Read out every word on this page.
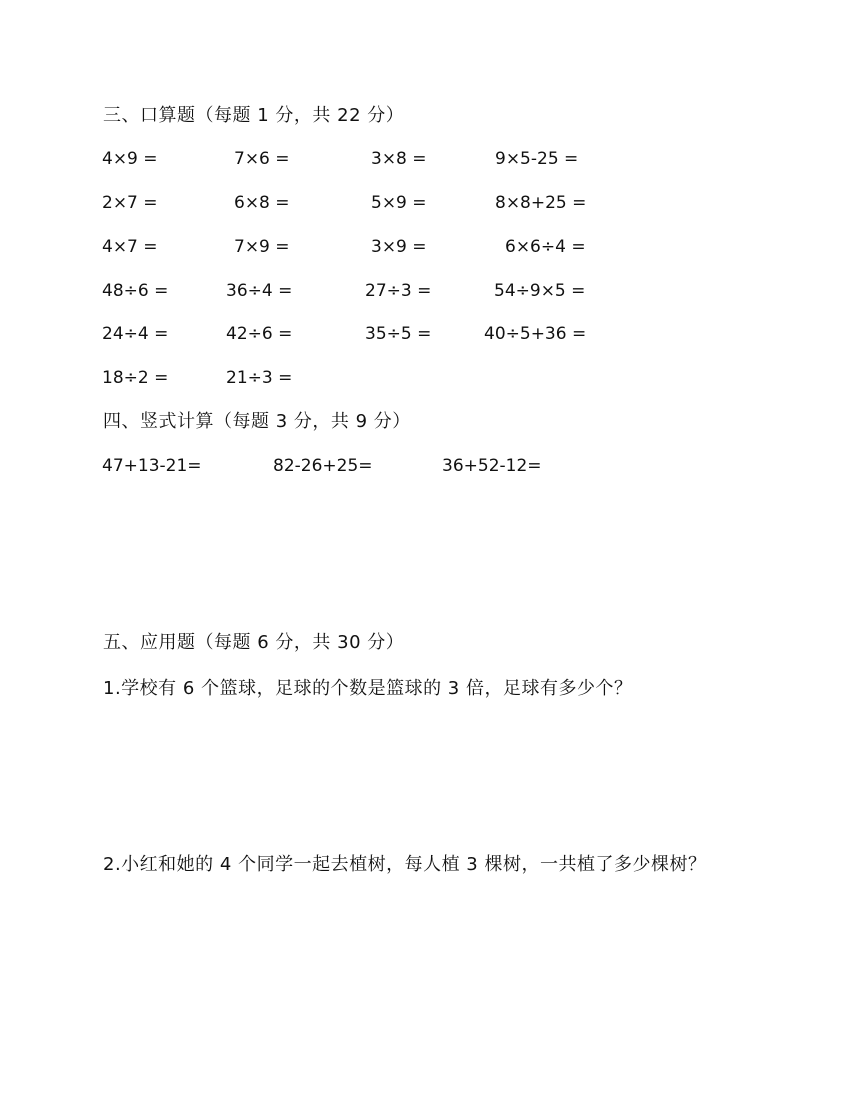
三、口算题（每题 1 分，共 22 分）
4×9 =	7×6 =	3×8 =	9×5-25 =
2×7 =	6×8 =	5×9 =	8×8+25 =
4×7 =	7×9 =	3×9 =	6×6÷4 =
48÷6 =	36÷4 =	27÷3 =	54÷9×5 =
24÷4 =	42÷6 =	35÷5 =	40÷5+36 =
18÷2 =	21÷3 =
四、竖式计算（每题 3 分，共 9 分）
47+13-21=	82-26+25=	36+52-12=
五、应用题（每题 6 分，共 30 分）
1.学校有 6 个篮球，足球的个数是篮球的 3 倍，足球有多少个？
2.小红和她的 4 个同学一起去植树，每人植 3 棵树，一共植了多少棵树？
